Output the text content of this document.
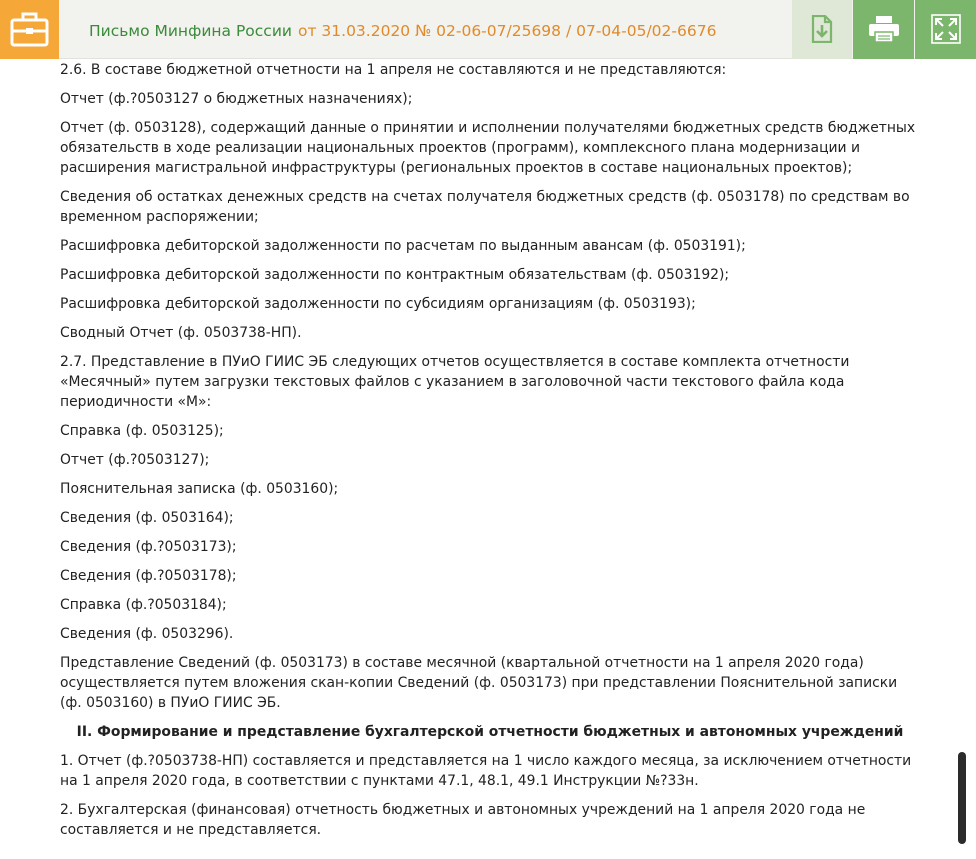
Письмо Минфина России от 31.03.2020 № 02-06-07/25698 / 07-04-05/02-6676

2.6. В составе бюджетной отчетности на 1 апреля не составляются и не представляются:

Отчет (ф.?0503127 о бюджетных назначениях);

Отчет (ф. 0503128), содержащий данные о принятии и исполнении получателями бюджетных средств бюджетных обязательств в ходе реализации национальных проектов (программ), комплексного плана модернизации и расширения магистральной инфраструктуры (региональных проектов в составе национальных проектов);

Сведения об остатках денежных средств на счетах получателя бюджетных средств (ф. 0503178) по средствам во временном распоряжении;

Расшифровка дебиторской задолженности по расчетам по выданным авансам (ф. 0503191);

Расшифровка дебиторской задолженности по контрактным обязательствам (ф. 0503192);

Расшифровка дебиторской задолженности по субсидиям организациям (ф. 0503193);

Сводный Отчет (ф. 0503738-НП).

2.7. Представление в ПУиО ГИИС ЭБ следующих отчетов осуществляется в составе комплекта отчетности «Месячный» путем загрузки текстовых файлов с указанием в заголовочной части текстового файла кода периодичности «М»:

Справка (ф. 0503125);

Отчет (ф.?0503127);

Пояснительная записка (ф. 0503160);

Сведения (ф. 0503164);

Сведения (ф.?0503173);

Сведения (ф.?0503178);

Справка (ф.?0503184);

Сведения (ф. 0503296).

Представление Сведений (ф. 0503173) в составе месячной (квартальной отчетности на 1 апреля 2020 года) осуществляется путем вложения скан-копии Сведений (ф. 0503173) при представлении Пояснительной записки (ф. 0503160) в ПУиО ГИИС ЭБ.

II. Формирование и представление бухгалтерской отчетности бюджетных и автономных учреждений

1. Отчет (ф.?0503738-НП) составляется и представляется на 1 число каждого месяца, за исключением отчетности на 1 апреля 2020 года, в соответствии с пунктами 47.1, 48.1, 49.1 Инструкции №?33н.

2. Бухгалтерская (финансовая) отчетность бюджетных и автономных учреждений на 1 апреля 2020 года не составляется и не представляется.
